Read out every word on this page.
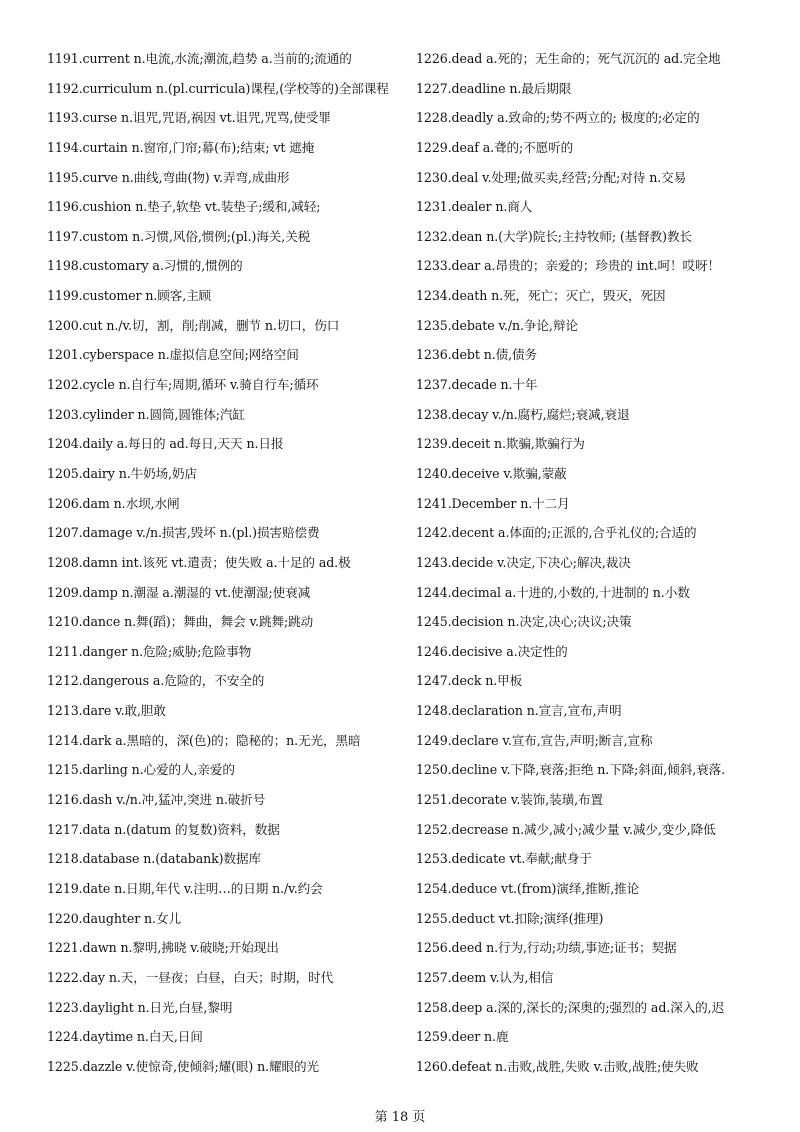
1191.current n.电流,水流;潮流,趋势 a.当前的;流通的
1192.curriculum n.(pl.curricula)课程,(学校等的)全部课程
1193.curse n.诅咒,咒语,祸因 vt.诅咒,咒骂,使受罪
1194.curtain n.窗帘,门帘;幕(布);结束; vt 遮掩
1195.curve n.曲线,弯曲(物) v.弄弯,成曲形
1196.cushion n.垫子,软垫 vt.装垫子;缓和,减轻;
1197.custom n.习惯,风俗,惯例;(pl.)海关,关税
1198.customary a.习惯的,惯例的
1199.customer n.顾客,主顾
1200.cut n./v.切，割，削;削减，删节 n.切口，伤口
1201.cyberspace n.虚拟信息空间;网络空间
1202.cycle n.自行车;周期,循环 v.骑自行车;循环
1203.cylinder n.圆筒,圆锥体;汽缸
1204.daily a.每日的 ad.每日,天天 n.日报
1205.dairy n.牛奶场,奶店
1206.dam n.水坝,水闸
1207.damage v./n.损害,毁坏 n.(pl.)损害赔偿费
1208.damn int.该死 vt.遣责；使失败 a.十足的 ad.极
1209.damp n.潮湿 a.潮湿的 vt.使潮湿;使衰减
1210.dance n.舞(蹈)；舞曲，舞会 v.跳舞;跳动
1211.danger n.危险;威胁;危险事物
1212.dangerous a.危险的，不安全的
1213.dare v.敢,胆敢
1214.dark a.黑暗的，深(色)的；隐秘的；n.无光，黑暗
1215.darling n.心爱的人,亲爱的
1216.dash v./n.冲,猛冲,突进 n.破折号
1217.data n.(datum 的复数)资料，数据
1218.database n.(databank)数据库
1219.date n.日期,年代 v.注明…的日期 n./v.约会
1220.daughter n.女儿
1221.dawn n.黎明,拂晓 v.破晓;开始现出
1222.day n.天，一昼夜；白昼，白天；时期，时代
1223.daylight n.日光,白昼,黎明
1224.daytime n.白天,日间
1225.dazzle v.使惊奇,使倾斜;耀(眼) n.耀眼的光
1226.dead a.死的；无生命的；死气沉沉的 ad.完全地
1227.deadline n.最后期限
1228.deadly a.致命的;势不两立的; 极度的;必定的
1229.deaf a.聋的;不愿听的
1230.deal v.处理;做买卖,经营;分配;对待 n.交易
1231.dealer n.商人
1232.dean n.(大学)院长;主持牧师; (基督教)教长
1233.dear a.昂贵的；亲爱的；珍贵的 int.呵！哎呀！
1234.death n.死，死亡；灭亡，毁灭，死因
1235.debate v./n.争论,辩论
1236.debt n.债,债务
1237.decade n.十年
1238.decay v./n.腐朽,腐烂;衰减,衰退
1239.deceit n.欺骗,欺骗行为
1240.deceive v.欺骗,蒙蔽
1241.December n.十二月
1242.decent a.体面的;正派的,合乎礼仪的;合适的
1243.decide v.决定,下决心;解决,裁决
1244.decimal a.十进的,小数的,十进制的 n.小数
1245.decision n.决定,决心;决议;决策
1246.decisive a.决定性的
1247.deck n.甲板
1248.declaration n.宣言,宣布,声明
1249.declare v.宣布,宣告,声明;断言,宣称
1250.decline v.下降,衰落;拒绝 n.下降;斜面,倾斜,衰落.
1251.decorate v.装饰,装璜,布置
1252.decrease n.减少,减小;减少量 v.减少,变少,降低
1253.dedicate vt.奉献;献身于
1254.deduce vt.(from)演绎,推断,推论
1255.deduct vt.扣除;演绎(推理)
1256.deed n.行为,行动;功绩,事迹;证书；契据
1257.deem v.认为,相信
1258.deep a.深的,深长的;深奥的;强烈的 ad.深入的,迟
1259.deer n.鹿
1260.defeat n.击败,战胜,失败 v.击败,战胜;使失败
第 18 页
